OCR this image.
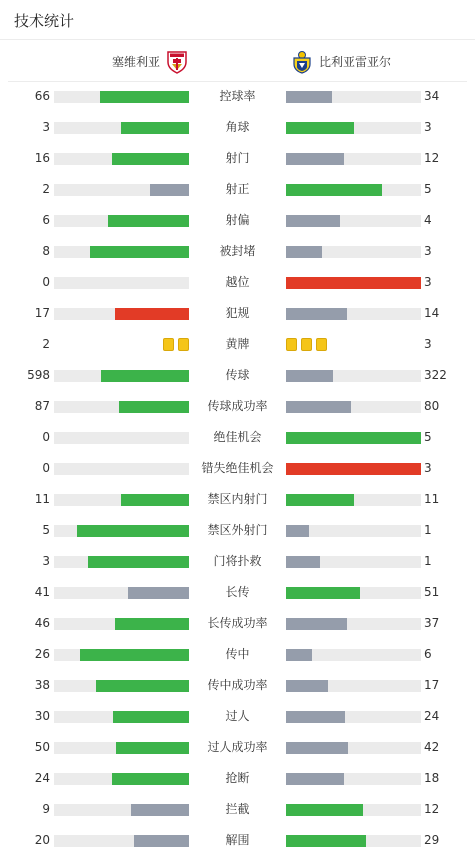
技术统计
塞维利亚	比利亚雷亚尔
66	控球率	34
3	角球	3
16	射门	12
2	射正	5
6	射偏	4
8	被封堵	3
0	越位	3
17	犯规	14
2	黄牌	3
598	传球	322
87	传球成功率	80
0	绝佳机会	5
0	错失绝佳机会	3
11	禁区内射门	11
5	禁区外射门	1
3	门将扑救	1
41	长传	51
46	长传成功率	37
26	传中	6
38	传中成功率	17
30	过人	24
50	过人成功率	42
24	抢断	18
9	拦截	12
20	解围	29
